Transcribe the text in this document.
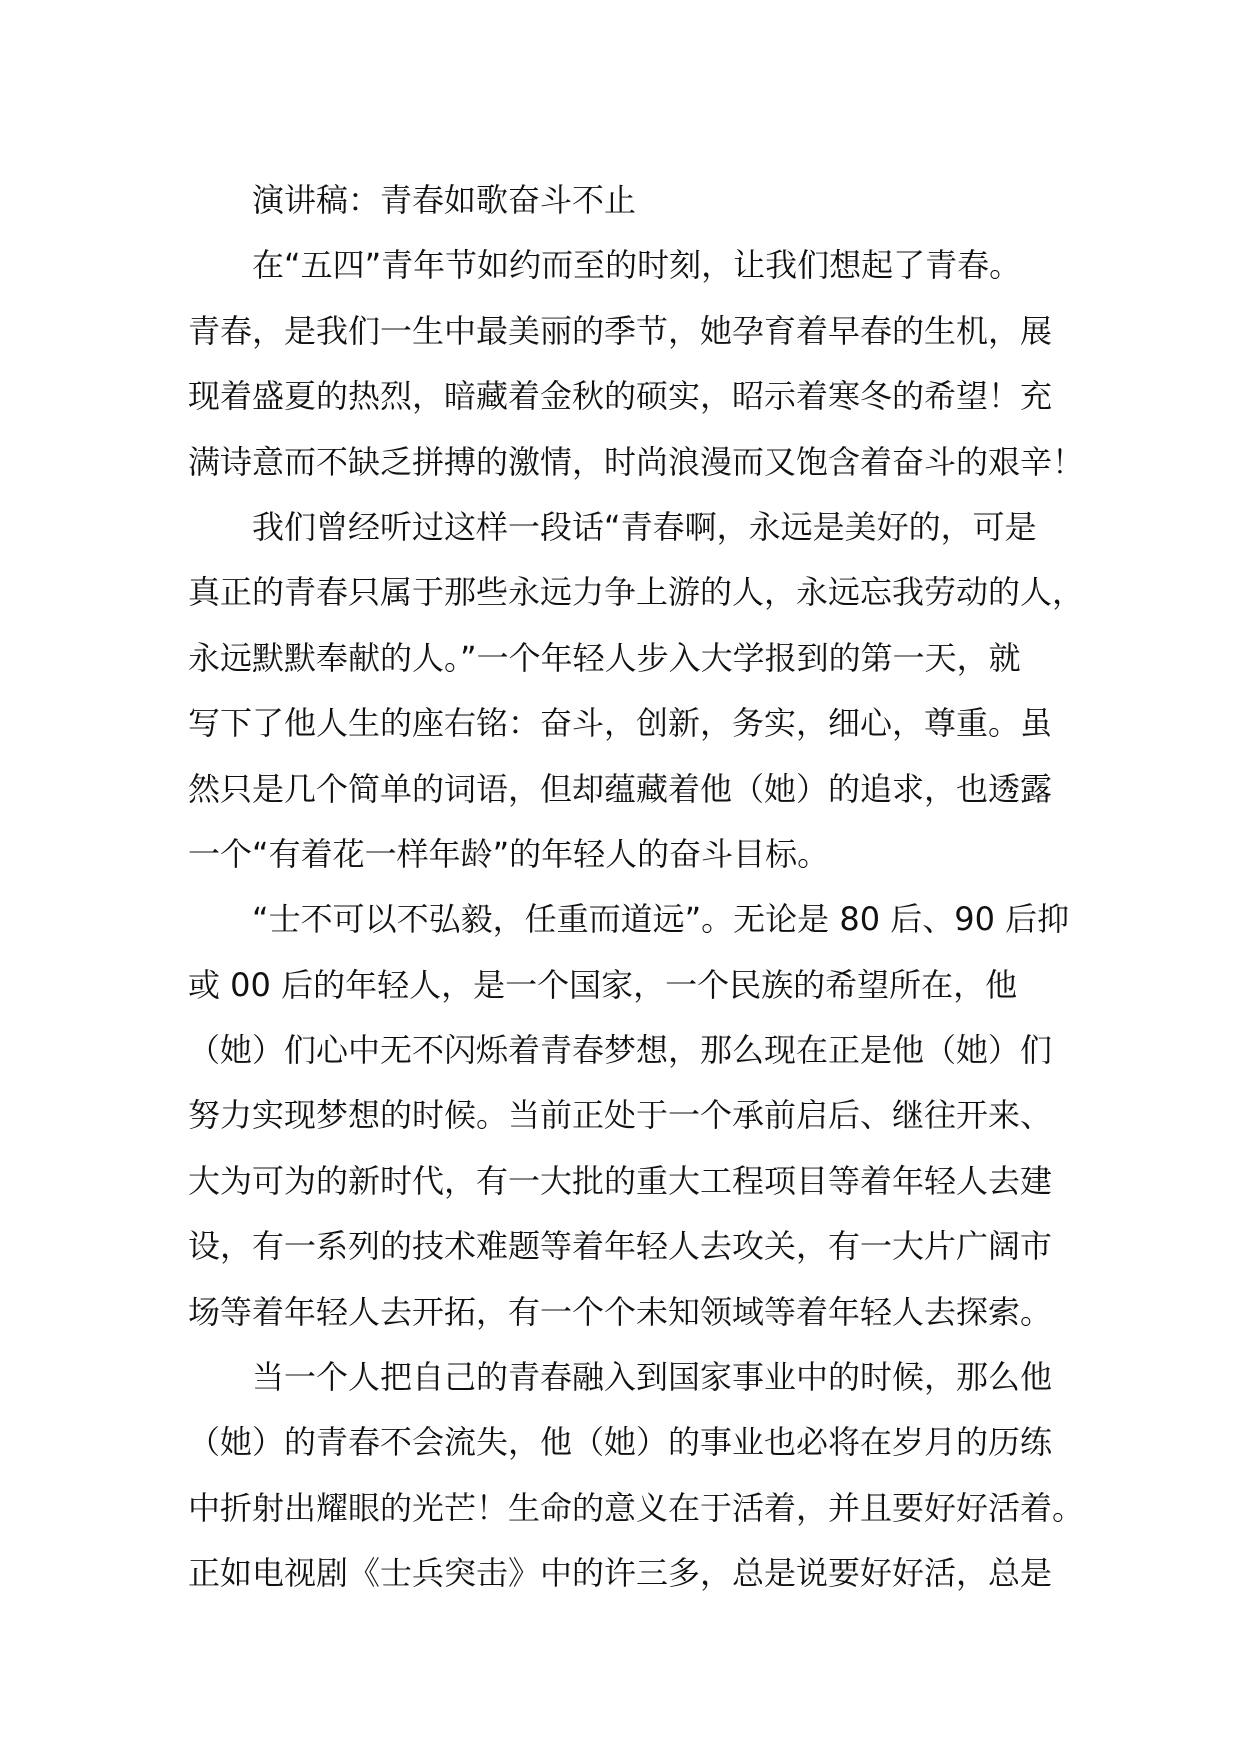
演讲稿：青春如歌奋斗不止
在“五四”青年节如约而至的时刻，让我们想起了青春。
青春，是我们一生中最美丽的季节，她孕育着早春的生机，展
现着盛夏的热烈，暗藏着金秋的硕实，昭示着寒冬的希望！充
满诗意而不缺乏拼搏的激情，时尚浪漫而又饱含着奋斗的艰辛！
我们曾经听过这样一段话“青春啊，永远是美好的，可是
真正的青春只属于那些永远力争上游的人，永远忘我劳动的人，
永远默默奉献的人。”一个年轻人步入大学报到的第一天，就
写下了他人生的座右铭：奋斗，创新，务实，细心，尊重。虽
然只是几个简单的词语，但却蕴藏着他（她）的追求，也透露
一个“有着花一样年龄”的年轻人的奋斗目标。
“士不可以不弘毅，任重而道远”。无论是 80 后、90 后抑
或 00 后的年轻人，是一个国家，一个民族的希望所在，他
（她）们心中无不闪烁着青春梦想，那么现在正是他（她）们
努力实现梦想的时候。当前正处于一个承前启后、继往开来、
大为可为的新时代，有一大批的重大工程项目等着年轻人去建
设，有一系列的技术难题等着年轻人去攻关，有一大片广阔市
场等着年轻人去开拓，有一个个未知领域等着年轻人去探索。
当一个人把自己的青春融入到国家事业中的时候，那么他
（她）的青春不会流失，他（她）的事业也必将在岁月的历练
中折射出耀眼的光芒！生命的意义在于活着，并且要好好活着。
正如电视剧《士兵突击》中的许三多，总是说要好好活，总是
